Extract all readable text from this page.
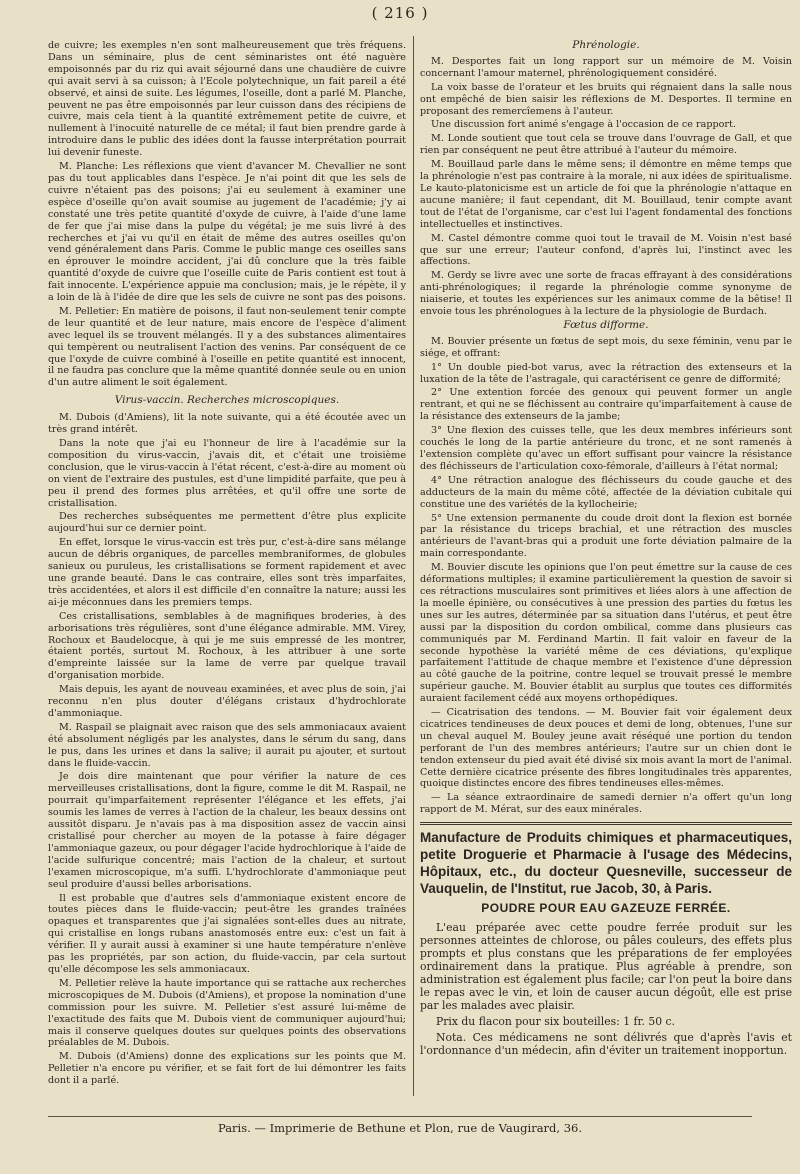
( 216 )

de cuivre; les exemples n'en sont malheureusement que très fréquens. Dans un séminaire, plus de cent séminaristes ont été naguère empoisonnés par du riz qui avait séjourné dans une chaudière de cuivre qui avait servi à sa cuisson; à l'Ecole polytechnique, un fait pareil a été observé, et ainsi de suite. Les légumes, l'oseille, dont a parlé M. Planche, peuvent ne pas être empoisonnés par leur cuisson dans des récipiens de cuivre, mais cela tient à la quantité extrêmement petite de cuivre, et nullement à l'inocuité naturelle de ce métal; il faut bien prendre garde à introduire dans le public des idées dont la fausse interprétation pourrait lui devenir funeste.

M. Planche: Les réflexions que vient d'avancer M. Chevallier ne sont pas du tout applicables dans l'espèce. Je n'ai point dit que les sels de cuivre n'étaient pas des poisons; j'ai eu seulement à examiner une espèce d'oseille qu'on avait soumise au jugement de l'académie; j'y ai constaté une très petite quantité d'oxyde de cuivre, à l'aide d'une lame de fer que j'ai mise dans la pulpe du végétal; je me suis livré à des recherches et j'ai vu qu'il en était de même des autres oseilles qu'on vend généralement dans Paris. Comme le public mange ces oseilles sans en éprouver le moindre accident, j'ai dû conclure que la très faible quantité d'oxyde de cuivre que l'oseille cuite de Paris contient est tout à fait innocente. L'expérience appuie ma conclusion; mais, je le répète, il y a loin de là à l'idée de dire que les sels de cuivre ne sont pas des poisons.

M. Pelletier: En matière de poisons, il faut non-seulement tenir compte de leur quantité et de leur nature, mais encore de l'espèce d'aliment avec lequel ils se trouvent mélangés. Il y a des substances alimentaires qui tempèrent ou neutralisent l'action des venins. Par conséquent de ce que l'oxyde de cuivre combiné à l'oseille en petite quantité est innocent, il ne faudra pas conclure que la même quantité donnée seule ou en union d'un autre aliment le soit également.

Virus-vaccin. Recherches microscopiques.

M. Dubois (d'Amiens), lit la note suivante, qui a été écoutée avec un très grand intérêt.

Dans la note que j'ai eu l'honneur de lire à l'académie sur la composition du virus-vaccin, j'avais dit, et c'était une troisième conclusion, que le virus-vaccin à l'état récent, c'est-à-dire au moment où on vient de l'extraire des pustules, est d'une limpidité parfaite, que peu à peu il prend des formes plus arrêtées, et qu'il offre une sorte de cristallisation.

Des recherches subséquentes me permettent d'être plus explicite aujourd'hui sur ce dernier point.

En effet, lorsque le virus-vaccin est très pur, c'est-à-dire sans mélange aucun de débris organiques, de parcelles membraniformes, de globules sanieux ou puruleus, les cristallisations se forment rapidement et avec une grande beauté. Dans le cas contraire, elles sont très imparfaites, très accidentées, et alors il est difficile d'en connaître la nature; aussi les ai-je méconnues dans les premiers temps.

Ces cristallisations, semblables à de magnifiques broderies, à des arborisations très régulières, sont d'une élégance admirable. MM. Virey, Rochoux et Baudelocque, à qui je me suis empressé de les montrer, étaient portés, surtout M. Rochoux, à les attribuer à une sorte d'empreinte laissée sur la lame de verre par quelque travail d'organisation morbide.

Mais depuis, les ayant de nouveau examinées, et avec plus de soin, j'ai reconnu n'en plus douter d'élégans cristaux d'hydrochlorate d'ammoniaque.

M. Raspail se plaignait avec raison que des sels ammoniacaux avaient été absolument négligés par les analystes, dans le sérum du sang, dans le pus, dans les urines et dans la salive; il aurait pu ajouter, et surtout dans le fluide-vaccin.

Je dois dire maintenant que pour vérifier la nature de ces merveilleuses cristallisations, dont la figure, comme le dit M. Raspail, ne pourrait qu'imparfaitement représenter l'élégance et les effets, j'ai soumis les lames de verres à l'action de la chaleur, les beaux dessins ont aussitôt disparu. Je n'avais pas à ma disposition assez de vaccin ainsi cristallisé pour chercher au moyen de la potasse à faire dégager l'ammoniaque gazeux, ou pour dégager l'acide hydrochlorique à l'aide de l'acide sulfurique concentré; mais l'action de la chaleur, et surtout l'examen microscopique, m'a suffi. L'hydrochlorate d'ammoniaque peut seul produire d'aussi belles arborisations.

Il est probable que d'autres sels d'ammoniaque existent encore de toutes pièces dans le fluide-vaccin; peut-être les grandes traînées opaques et transparentes que j'ai signalées sont-elles dues au nitrate, qui cristallise en longs rubans anastomosés entre eux: c'est un fait à vérifier. Il y aurait aussi à examiner si une haute température n'enlève pas les propriétés, par son action, du fluide-vaccin, par cela surtout qu'elle décompose les sels ammoniacaux.

M. Pelletier relève la haute importance qui se rattache aux recherches microscopiques de M. Dubois (d'Amiens), et propose la nomination d'une commission pour les suivre. M. Pelletier s'est assuré lui-même de l'exactitude des faits que M. Dubois vient de communiquer aujourd'hui; mais il conserve quelques doutes sur quelques points des observations préalables de M. Dubois.

M. Dubois (d'Amiens) donne des explications sur les points que M. Pelletier n'a encore pu vérifier, et se fait fort de lui démontrer les faits dont il a parlé.

Phrénologie.

M. Desportes fait un long rapport sur un mémoire de M. Voisin concernant l'amour maternel, phrénologiquement considéré.

La voix basse de l'orateur et les bruits qui régnaient dans la salle nous ont empêché de bien saisir les réflexions de M. Desportes. Il termine en proposant des remercîemens à l'auteur.

Une discussion fort animé s'engage à l'occasion de ce rapport.

M. Londe soutient que tout cela se trouve dans l'ouvrage de Gall, et que rien par conséquent ne peut être attribué à l'auteur du mémoire.

M. Bouillaud parle dans le même sens; il démontre en même temps que la phrénologie n'est pas contraire à la morale, ni aux idées de spiritualisme. Le kauto-platonicisme est un article de foi que la phrénologie n'attaque en aucune manière; il faut cependant, dit M. Bouillaud, tenir compte avant tout de l'état de l'organisme, car c'est lui l'agent fondamental des fonctions intellectuelles et instinctives.

M. Castel démontre comme quoi tout le travail de M. Voisin n'est basé que sur une erreur; l'auteur confond, d'après lui, l'instinct avec les affections.

M. Gerdy se livre avec une sorte de fracas effrayant à des considérations anti-phrénologiques; il regarde la phrénologie comme synonyme de niaiserie, et toutes les expériences sur les animaux comme de la bêtise! Il envoie tous les phrénologues à la lecture de la physiologie de Burdach.

Fœtus difforme.

M. Bouvier présente un fœtus de sept mois, du sexe féminin, venu par le siége, et offrant:

1° Un double pied-bot varus, avec la rétraction des extenseurs et la luxation de la tête de l'astragale, qui caractérisent ce genre de difformité;

2° Une extention forcée des genoux qui peuvent former un angle rentrant, et qui ne se fléchissent au contraire qu'imparfaitement à cause de la résistance des extenseurs de la jambe;

3° Une flexion des cuisses telle, que les deux membres inférieurs sont couchés le long de la partie antérieure du tronc, et ne sont ramenés à l'extension complète qu'avec un effort suffisant pour vaincre la résistance des fléchisseurs de l'articulation coxo-fémorale, d'ailleurs à l'état normal;

4° Une rétraction analogue des fléchisseurs du coude gauche et des adducteurs de la main du même côté, affectée de la déviation cubitale qui constitue une des variétés de la kyllocheirie;

5° Une extension permanente du coude droit dont la flexion est bornée par la résistance du triceps brachial, et une rétraction des muscles antérieurs de l'avant-bras qui a produit une forte déviation palmaire de la main correspondante.

M. Bouvier discute les opinions que l'on peut émettre sur la cause de ces déformations multiples; il examine particulièrement la question de savoir si ces rétractions musculaires sont primitives et liées alors à une affection de la moelle épinière, ou consécutives à une pression des parties du fœtus les unes sur les autres, déterminée par sa situation dans l'utérus, et peut être aussi par la disposition du cordon ombilical, comme dans plusieurs cas communiqués par M. Ferdinand Martin. Il fait valoir en faveur de la seconde hypothèse la variété même de ces déviations, qu'explique parfaitement l'attitude de chaque membre et l'existence d'une dépression au côté gauche de la poitrine, contre lequel se trouvait pressé le membre supérieur gauche. M. Bouvier établit au surplus que toutes ces difformités auraient facilement cédé aux moyens orthopédiques.

— Cicatrisation des tendons. — M. Bouvier fait voir également deux cicatrices tendineuses de deux pouces et demi de long, obtenues, l'une sur un cheval auquel M. Bouley jeune avait réséqué une portion du tendon perforant de l'un des membres antérieurs; l'autre sur un chien dont le tendon extenseur du pied avait été divisé six mois avant la mort de l'animal. Cette dernière cicatrice présente des fibres longitudinales très apparentes, quoique distinctes encore des fibres tendineuses elles-mêmes.

— La séance extraordinaire de samedi dernier n'a offert qu'un long rapport de M. Mérat, sur des eaux minérales.

Manufacture de Produits chimiques et pharmaceutiques, petite Droguerie et Pharmacie à l'usage des Médecins, Hôpitaux, etc., du docteur Quesneville, successeur de Vauquelin, de l'Institut, rue Jacob, 30, à Paris.
POUDRE POUR EAU GAZEUZE FERRÉE.

L'eau préparée avec cette poudre ferrée produit sur les personnes atteintes de chlorose, ou pâles couleurs, des effets plus prompts et plus constans que les préparations de fer employées ordinairement dans la pratique. Plus agréable à prendre, son administration est également plus facile; car l'on peut la boire dans le repas avec le vin, et loin de causer aucun dégoût, elle est prise par les malades avec plaisir.

Prix du flacon pour six bouteilles: 1 fr. 50 c.

Nota. Ces médicamens ne sont délivrés que d'après l'avis et l'ordonnance d'un médecin, afin d'éviter un traitement inopportun.

Paris. — Imprimerie de Bethune et Plon, rue de Vaugirard, 36.
